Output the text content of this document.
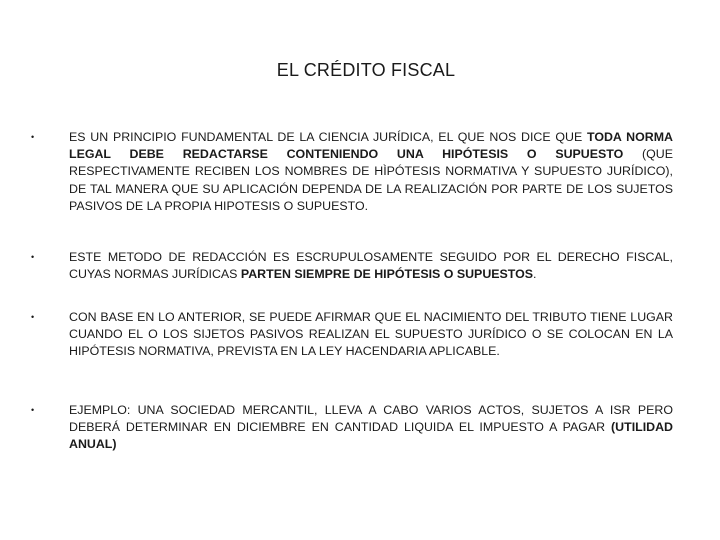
EL CRÉDITO FISCAL
•	ES UN PRINCIPIO FUNDAMENTAL DE LA CIENCIA JURÍDICA, EL QUE NOS DICE QUE TODA NORMA LEGAL DEBE REDACTARSE CONTENIENDO UNA HIPÓTESIS O SUPUESTO (QUE RESPECTIVAMENTE RECIBEN LOS NOMBRES DE HÌPÓTESIS NORMATIVA Y SUPUESTO JURÍDICO), DE TAL MANERA QUE SU APLICACIÓN DEPENDA DE LA REALIZACIÓN POR PARTE DE LOS SUJETOS PASIVOS DE LA PROPIA HIPOTESIS O SUPUESTO.
•	ESTE METODO DE REDACCIÓN ES ESCRUPULOSAMENTE SEGUIDO POR EL DERECHO FISCAL, CUYAS NORMAS JURÍDICAS PARTEN SIEMPRE DE HIPÓTESIS O SUPUESTOS.
•	CON BASE EN LO ANTERIOR, SE PUEDE AFIRMAR QUE EL NACIMIENTO DEL TRIBUTO TIENE LUGAR CUANDO EL O LOS SIJETOS PASIVOS REALIZAN EL SUPUESTO JURÍDICO O SE COLOCAN EN LA HIPÓTESIS NORMATIVA, PREVISTA EN LA LEY HACENDARIA APLICABLE.
•	EJEMPLO: UNA SOCIEDAD MERCANTIL, LLEVA A CABO VARIOS ACTOS, SUJETOS A ISR PERO DEBERÁ DETERMINAR EN DICIEMBRE EN CANTIDAD LIQUIDA EL IMPUESTO A PAGAR (UTILIDAD ANUAL)
